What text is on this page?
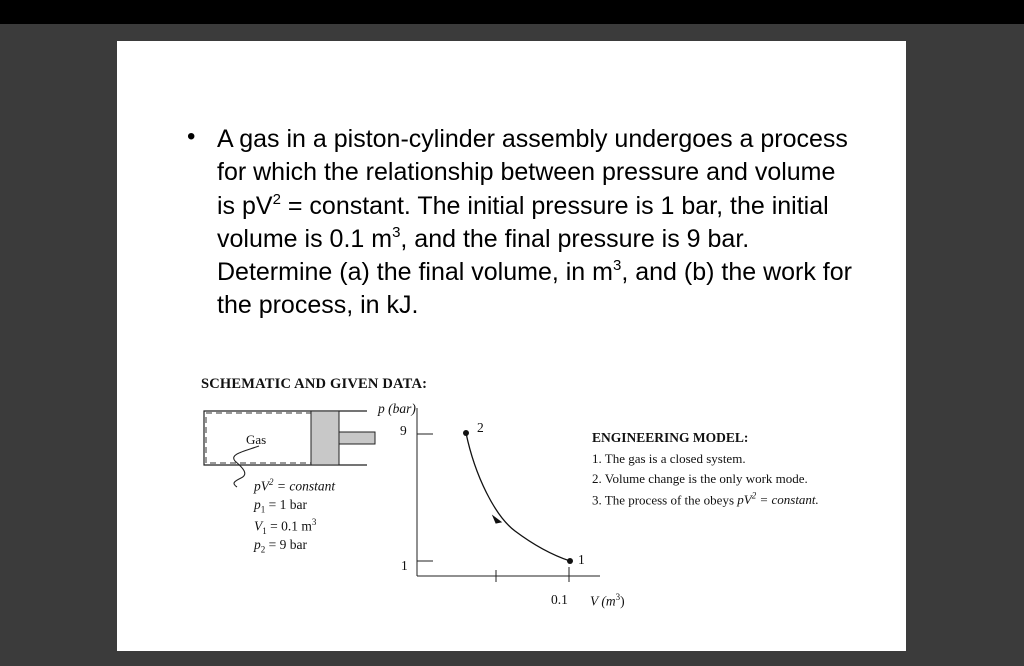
• A gas in a piston-cylinder assembly undergoes a process for which the relationship between pressure and volume is $pV^2$ = constant. The initial pressure is 1 bar, the initial volume is 0.1 $m^3$, and the final pressure is 9 bar. Determine (a) the final volume, in $m^3$, and (b) the work for the process, in kJ.
SCHEMATIC AND GIVEN DATA:
Gas
$pV^2$ = constant
$p_1 = 1$ bar
$V_1 = 0.1$ $m^3$
$p_2 = 9$ bar
p (bar)
9
1
2
1
0.1 V $(m^3)$
ENGINEERING MODEL:
1. The gas is a closed system.
2. Volume change is the only work mode.
3. The process of the obeys $pV^2$ = constant.
